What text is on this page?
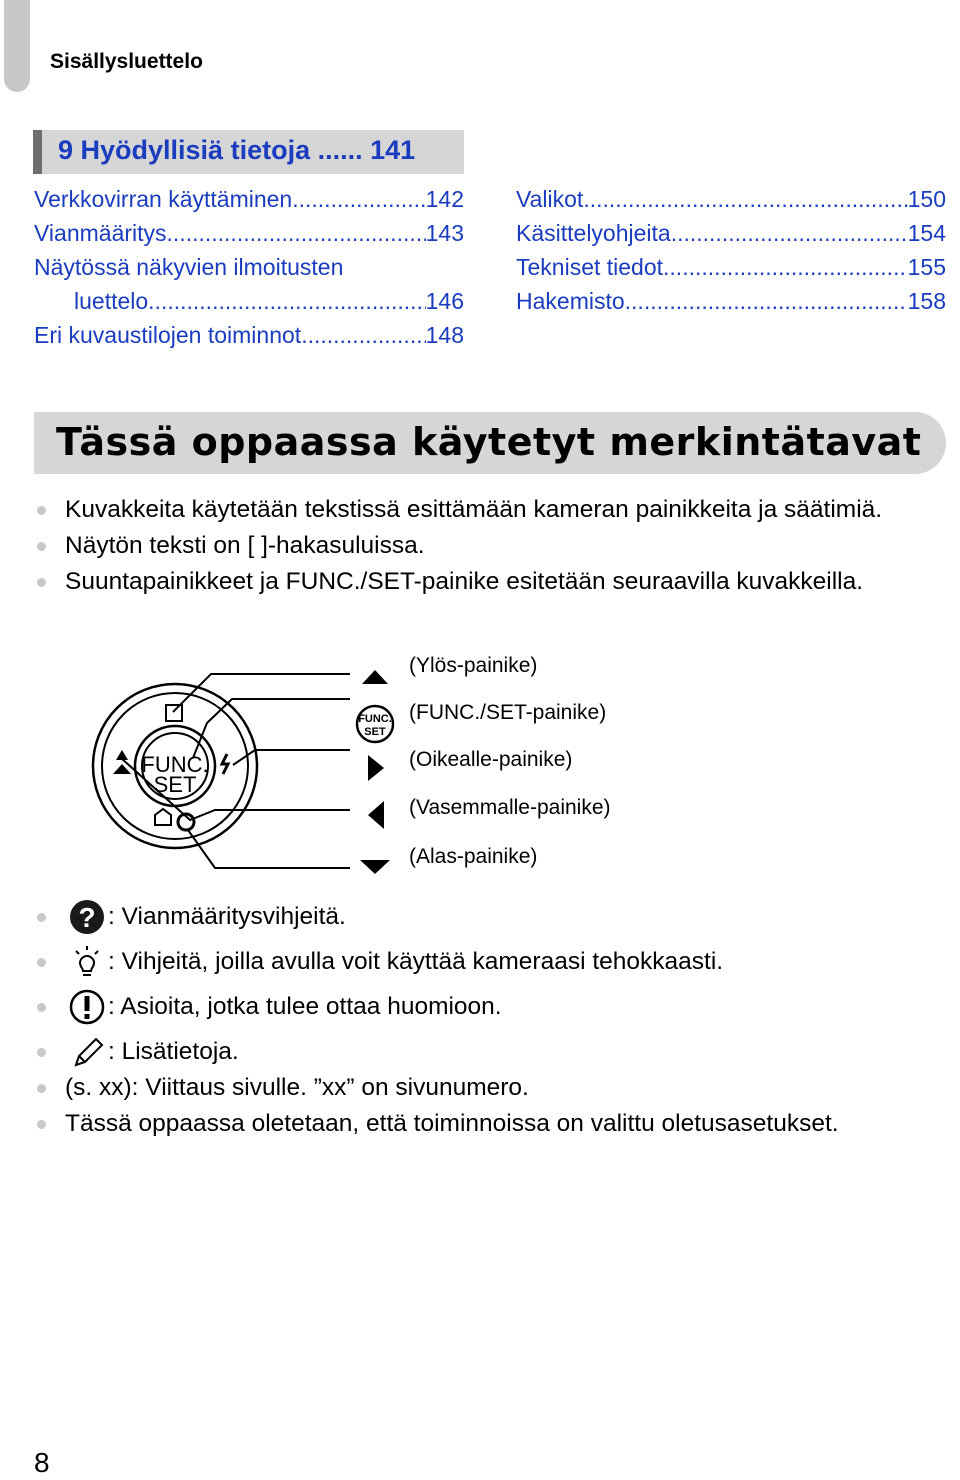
Sisällysluettelo
9 Hyödyllisiä tietoja ...... 141
Verkkovirran käyttäminen .....	142
Vianmääritys .....	143
Näytössä näkyvien ilmoitusten
luettelo .....	146
Eri kuvaustilojen toiminnot .....	148
Valikot .....	150
Käsittelyohjeita .....	154
Tekniset tiedot .....	155
Hakemisto .....	158
Tässä oppaassa käytetyt merkintätavat
Kuvakkeita käytetään tekstissä esittämään kameran painikkeita ja säätimiä.
Näytön teksti on [ ]-hakasuluissa.
Suuntapainikkeet ja FUNC./SET-painike esitetään seuraavilla kuvakkeilla.
FUNC.
SET
FUNC.
SET
(Ylös-painike)
(FUNC./SET-painike)
(Oikealle-painike)
(Vasemmalle-painike)
(Alas-painike)
? : Vianmääritysvihjeitä.
: Vihjeitä, joilla avulla voit käyttää kameraasi tehokkaasti.
: Asioita, jotka tulee ottaa huomioon.
: Lisätietoja.
(s. xx): Viittaus sivulle. ”xx” on sivunumero.
Tässä oppaassa oletetaan, että toiminnoissa on valittu oletusasetukset.
8
